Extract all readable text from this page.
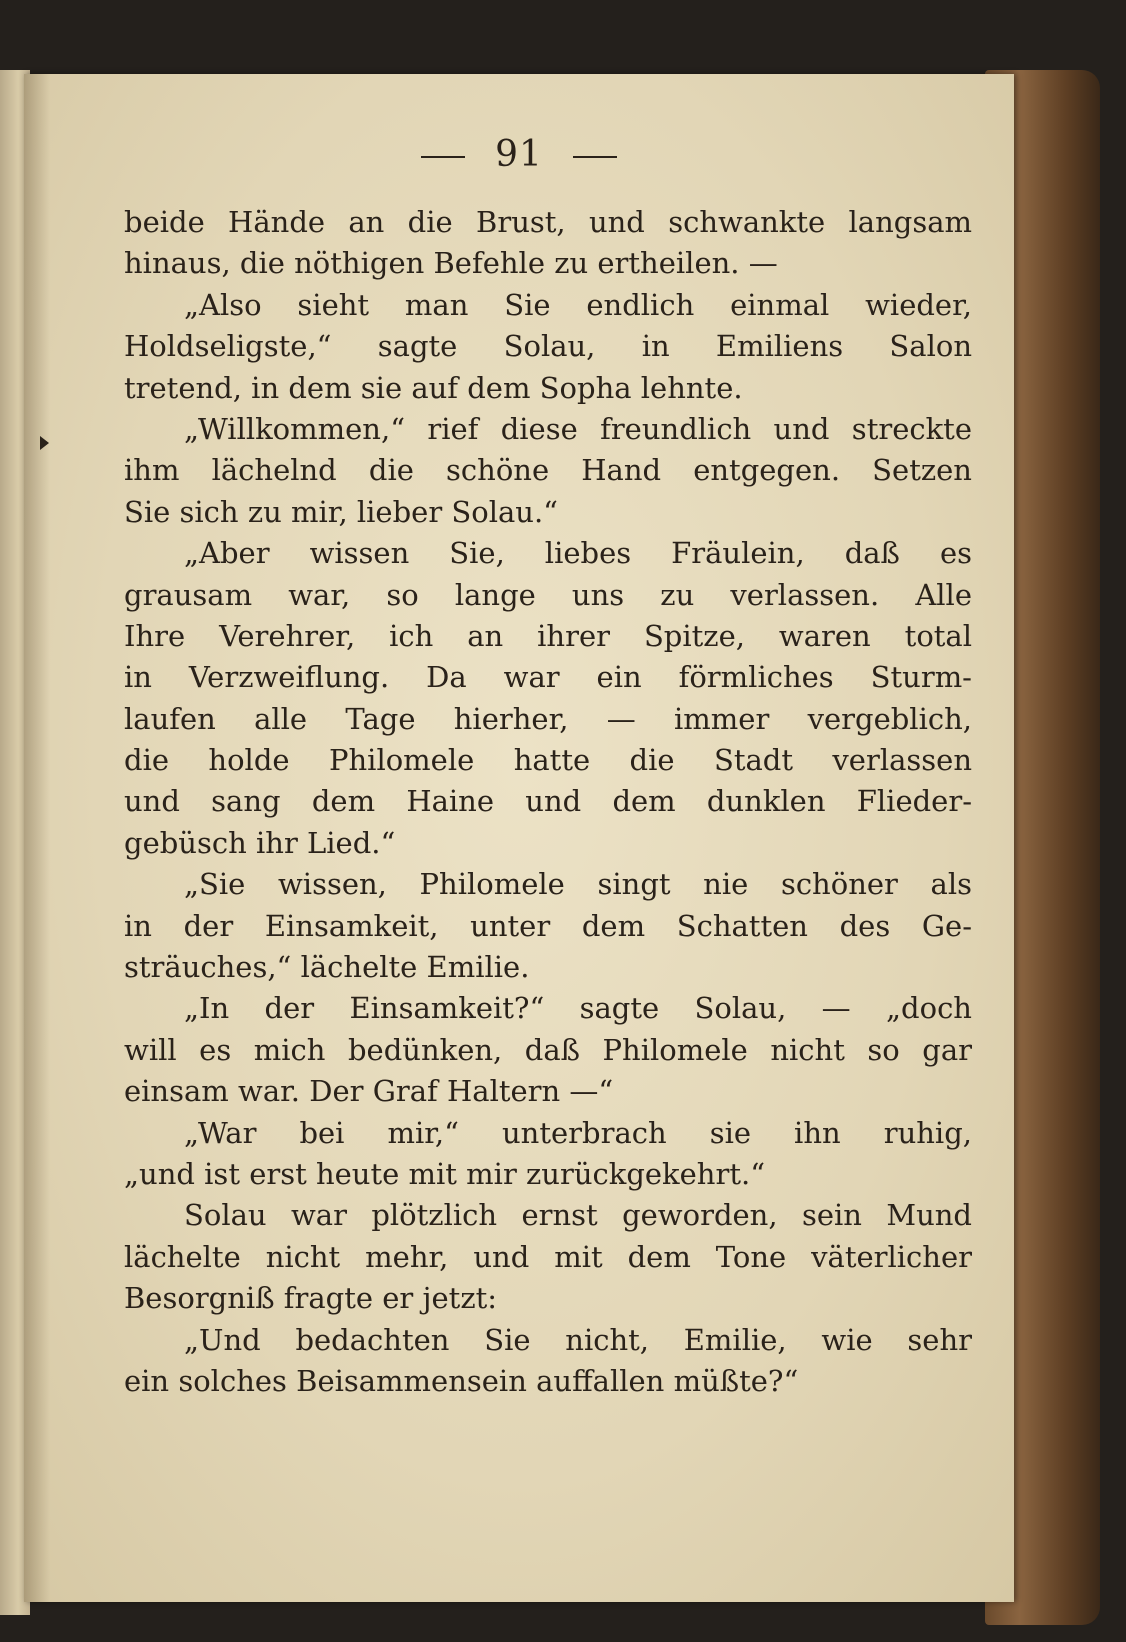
91
beide Hände an die Brust, und schwankte langsam
hinaus, die nöthigen Befehle zu ertheilen. —
„Also sieht man Sie endlich einmal wieder,
Holdseligste,“ sagte Solau, in Emiliens Salon
tretend, in dem sie auf dem Sopha lehnte.
„Willkommen,“ rief diese freundlich und streckte
ihm lächelnd die schöne Hand entgegen. Setzen
Sie sich zu mir, lieber Solau.“
„Aber wissen Sie, liebes Fräulein, daß es
grausam war, so lange uns zu verlassen. Alle
Ihre Verehrer, ich an ihrer Spitze, waren total
in Verzweiflung. Da war ein förmliches Sturm-
laufen alle Tage hierher, — immer vergeblich,
die holde Philomele hatte die Stadt verlassen
und sang dem Haine und dem dunklen Flieder-
gebüsch ihr Lied.“
„Sie wissen, Philomele singt nie schöner als
in der Einsamkeit, unter dem Schatten des Ge-
sträuches,“ lächelte Emilie.
„In der Einsamkeit?“ sagte Solau, — „doch
will es mich bedünken, daß Philomele nicht so gar
einsam war. Der Graf Haltern —“
„War bei mir,“ unterbrach sie ihn ruhig,
„und ist erst heute mit mir zurückgekehrt.“
Solau war plötzlich ernst geworden, sein Mund
lächelte nicht mehr, und mit dem Tone väterlicher
Besorgniß fragte er jetzt:
„Und bedachten Sie nicht, Emilie, wie sehr
ein solches Beisammensein auffallen müßte?“
